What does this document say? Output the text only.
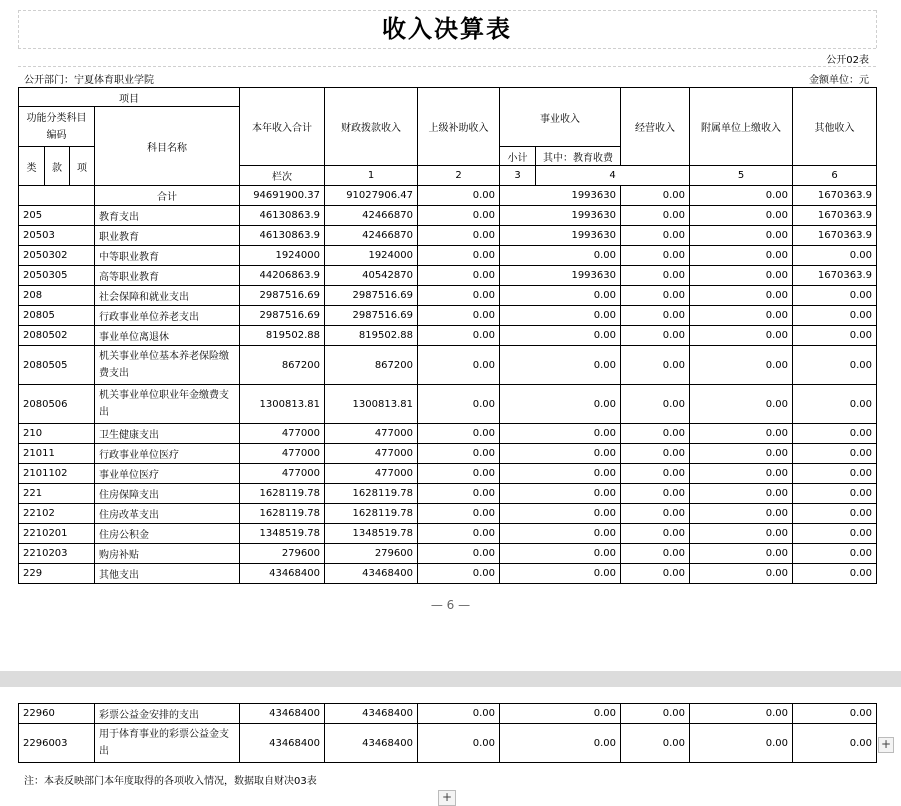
收入决算表
公开02表
公开部门：宁夏体育职业学院	金额单位：元
项目				本年收入合计	财政拨款收入	上级补助收入	事业收入		经营收入	附属单位上缴收入	其他收入	
功能分类科目编码			科目名称									
类	款	项					小计	其中：教育收费				
				栏次	1	2	3	4		5	6	
			合计	94691900.37	91027906.47	0.00	1993630		0.00	0.00	1670363.9	
205			教育支出	46130863.9	42466870	0.00	1993630		0.00	0.00	1670363.9	
20503			职业教育	46130863.9	42466870	0.00	1993630		0.00	0.00	1670363.9	
2050302			中等职业教育	1924000	1924000	0.00	0.00		0.00	0.00	0.00	
2050305			高等职业教育	44206863.9	40542870	0.00	1993630		0.00	0.00	1670363.9	
208			社会保障和就业支出	2987516.69	2987516.69	0.00	0.00		0.00	0.00	0.00	
20805			行政事业单位养老支出	2987516.69	2987516.69	0.00	0.00		0.00	0.00	0.00	
2080502			事业单位离退休	819502.88	819502.88	0.00	0.00		0.00	0.00	0.00	
2080505			机关事业单位基本养老保险缴费支出	867200	867200	0.00	0.00		0.00	0.00	0.00	
2080506			机关事业单位职业年金缴费支出	1300813.81	1300813.81	0.00	0.00		0.00	0.00	0.00	
210			卫生健康支出	477000	477000	0.00	0.00		0.00	0.00	0.00	
21011			行政事业单位医疗	477000	477000	0.00	0.00		0.00	0.00	0.00	
2101102			事业单位医疗	477000	477000	0.00	0.00		0.00	0.00	0.00	
221			住房保障支出	1628119.78	1628119.78	0.00	0.00		0.00	0.00	0.00	
22102			住房改革支出	1628119.78	1628119.78	0.00	0.00		0.00	0.00	0.00	
2210201			住房公积金	1348519.78	1348519.78	0.00	0.00		0.00	0.00	0.00	
2210203			购房补贴	279600	279600	0.00	0.00		0.00	0.00	0.00	
229			其他支出	43468400	43468400	0.00	0.00		0.00	0.00	0.00	
— 6 —
22960	彩票公益金安排的支出	43468400	43468400	0.00	0.00	0.00	0.00	0.00
2296003	用于体育事业的彩票公益金支出	43468400	43468400	0.00	0.00	0.00	0.00	0.00
注：本表反映部门本年度取得的各项收入情况，数据取自财决03表
+
+
